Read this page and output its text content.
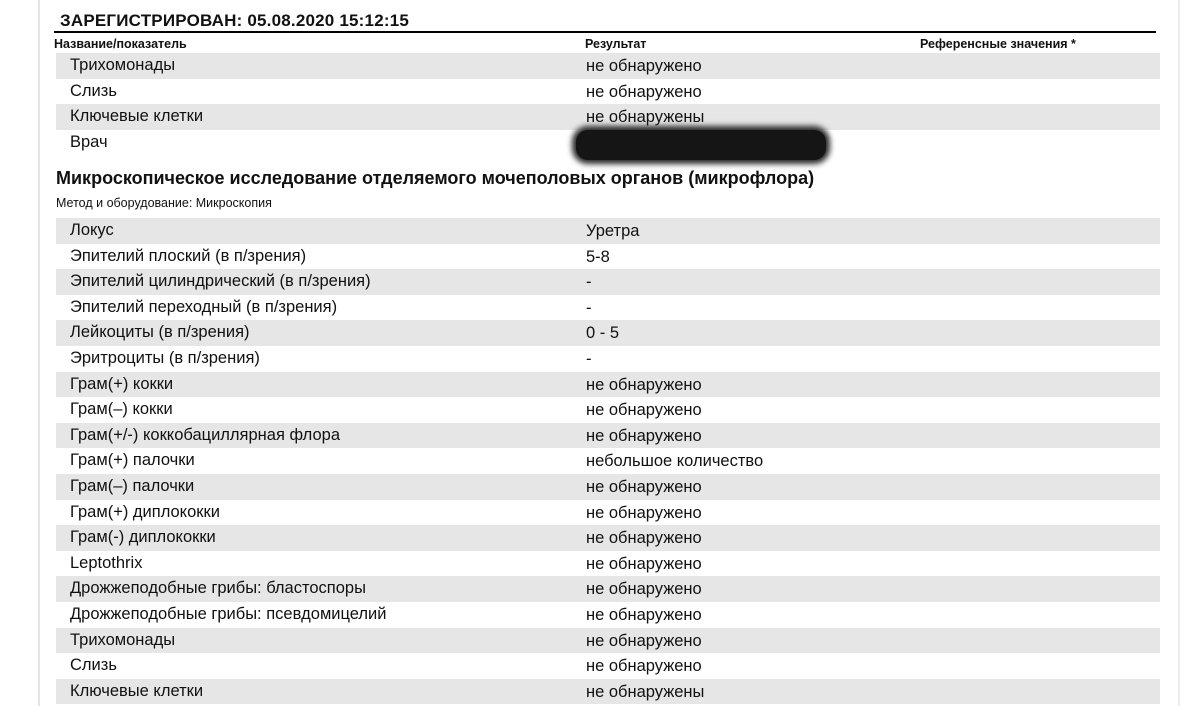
ЗАРЕГИСТРИРОВАН: 05.08.2020 15:12:15
Название/показатель	Результат	Референсные значения *
Трихомонады	не обнаружено
Слизь	не обнаружено
Ключевые клетки	не обнаружены
Врач
Микроскопическое исследование отделяемого мочеполовых органов (микрофлора)
Метод и оборудование: Микроскопия
Локус	Уретра
Эпителий плоский (в п/зрения)	5-8
Эпителий цилиндрический (в п/зрения)	-
Эпителий переходный (в п/зрения)	-
Лейкоциты (в п/зрения)	0 - 5
Эритроциты (в п/зрения)	-
Грам(+) кокки	не обнаружено
Грам(–) кокки	не обнаружено
Грам(+/-) коккобациллярная флора	не обнаружено
Грам(+) палочки	небольшое количество
Грам(–) палочки	не обнаружено
Грам(+) диплококки	не обнаружено
Грам(-) диплококки	не обнаружено
Leptothrix	не обнаружено
Дрожжеподобные грибы: бластоспоры	не обнаружено
Дрожжеподобные грибы: псевдомицелий	не обнаружено
Трихомонады	не обнаружено
Слизь	не обнаружено
Ключевые клетки	не обнаружены
